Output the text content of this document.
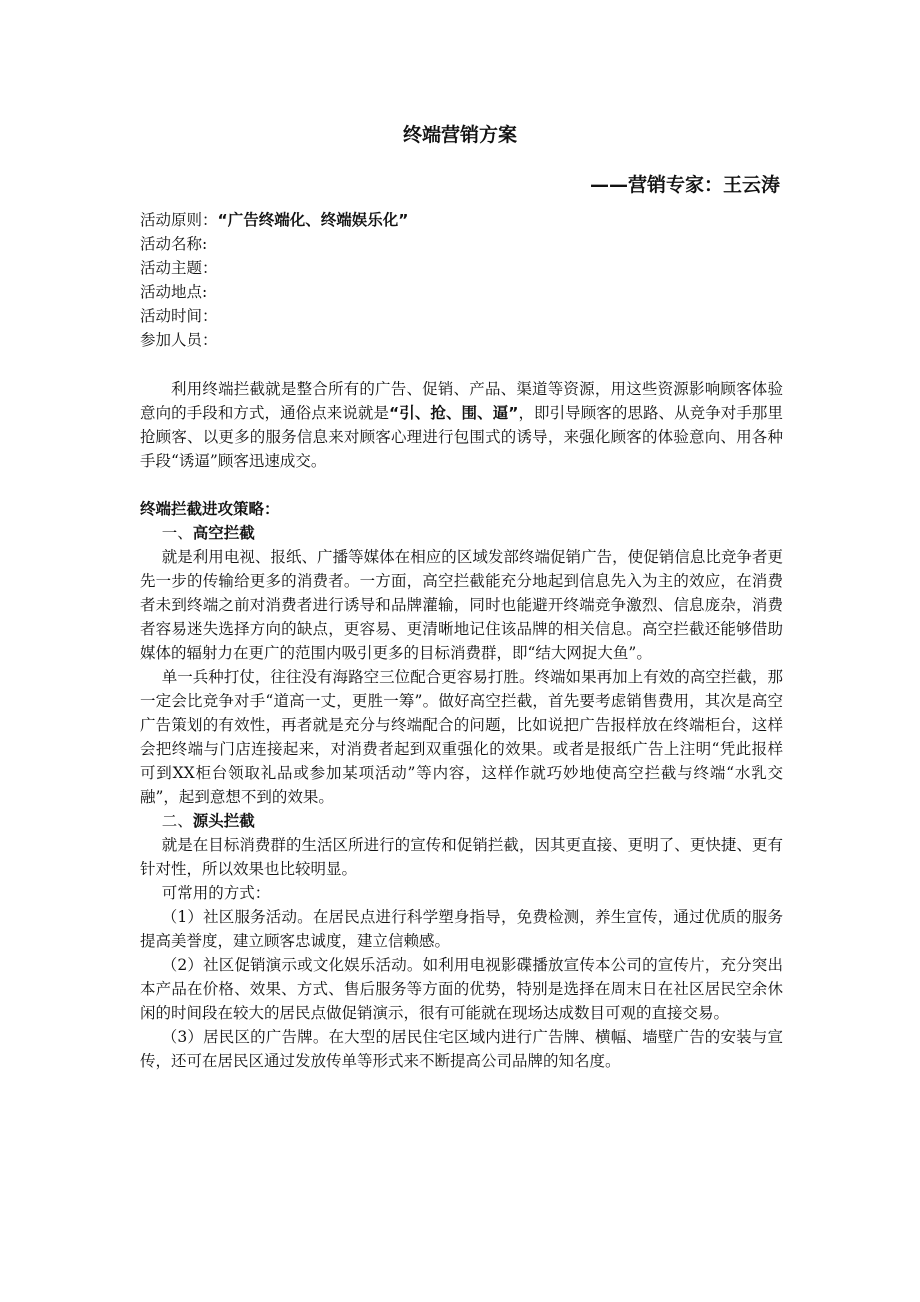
终端营销方案
——营销专家：王云涛
活动原则：“广告终端化、终端娱乐化”
活动名称:
活动主题：
活动地点:
活动时间：
参加人员：

利用终端拦截就是整合所有的广告、促销、产品、渠道等资源，用这些资源影响顾客体验意向的手段和方式，通俗点来说就是“引、抢、围、逼”，即引导顾客的思路、从竞争对手那里抢顾客、以更多的服务信息来对顾客心理进行包围式的诱导，来强化顾客的体验意向、用各种手段“诱逼”顾客迅速成交。

终端拦截进攻策略：

一、高空拦截

就是利用电视、报纸、广播等媒体在相应的区域发部终端促销广告，使促销信息比竞争者更先一步的传输给更多的消费者。一方面，高空拦截能充分地起到信息先入为主的效应，在消费者未到终端之前对消费者进行诱导和品牌灌输，同时也能避开终端竞争激烈、信息庞杂，消费者容易迷失选择方向的缺点，更容易、更清晰地记住该品牌的相关信息。高空拦截还能够借助媒体的辐射力在更广的范围内吸引更多的目标消费群，即“结大网捉大鱼”。

单一兵种打仗，往往没有海路空三位配合更容易打胜。终端如果再加上有效的高空拦截，那一定会比竞争对手“道高一丈，更胜一筹”。做好高空拦截，首先要考虑销售费用，其次是高空广告策划的有效性，再者就是充分与终端配合的问题，比如说把广告报样放在终端柜台，这样会把终端与门店连接起来，对消费者起到双重强化的效果。或者是报纸广告上注明“凭此报样可到XX柜台领取礼品或参加某项活动”等内容，这样作就巧妙地使高空拦截与终端“水乳交融”，起到意想不到的效果。

二、源头拦截

就是在目标消费群的生活区所进行的宣传和促销拦截，因其更直接、更明了、更快捷、更有针对性，所以效果也比较明显。

可常用的方式：

（1）社区服务活动。在居民点进行科学塑身指导，免费检测，养生宣传，通过优质的服务提高美誉度，建立顾客忠诚度，建立信赖感。

（2）社区促销演示或文化娱乐活动。如利用电视影碟播放宣传本公司的宣传片，充分突出本产品在价格、效果、方式、售后服务等方面的优势，特别是选择在周末日在社区居民空余休闲的时间段在较大的居民点做促销演示，很有可能就在现场达成数目可观的直接交易。

（3）居民区的广告牌。在大型的居民住宅区域内进行广告牌、横幅、墙壁广告的安装与宣传，还可在居民区通过发放传单等形式来不断提高公司品牌的知名度。
